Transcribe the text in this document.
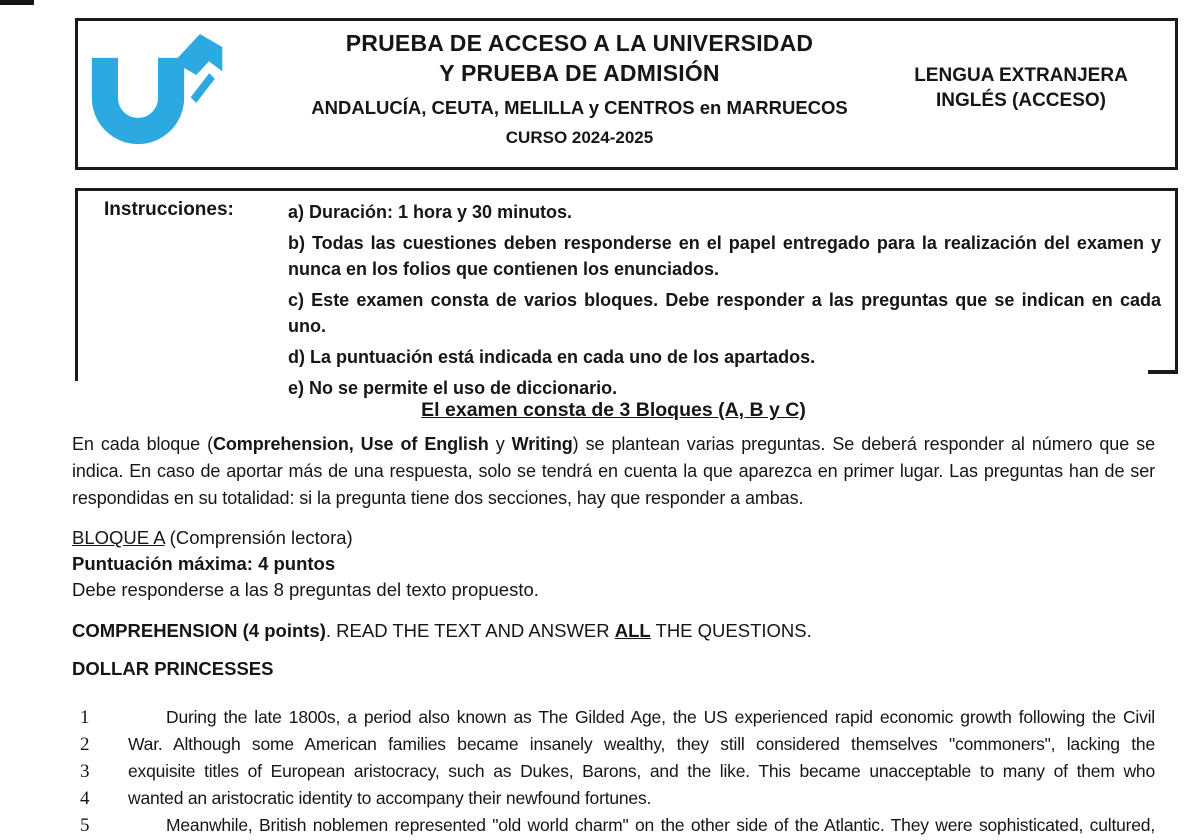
PRUEBA DE ACCESO A LA UNIVERSIDAD
Y PRUEBA DE ADMISIÓN
ANDALUCÍA, CEUTA, MELILLA y CENTROS en MARRUECOS
CURSO 2024-2025
LENGUA EXTRANJERA
INGLÉS (ACCESO)
Instrucciones:	a) Duración: 1 hora y 30 minutos.
b) Todas las cuestiones deben responderse en el papel entregado para la realización del examen y nunca en los folios que contienen los enunciados.
c) Este examen consta de varios bloques. Debe responder a las preguntas que se indican en cada uno.
d) La puntuación está indicada en cada uno de los apartados.
e) No se permite el uso de diccionario.
El examen consta de 3 Bloques (A, B y C)

En cada bloque (Comprehension, Use of English y Writing) se plantean varias preguntas. Se deberá responder al número que se indica. En caso de aportar más de una respuesta, solo se tendrá en cuenta la que aparezca en primer lugar. Las preguntas han de ser respondidas en su totalidad: si la pregunta tiene dos secciones, hay que responder a ambas.

BLOQUE A (Comprensión lectora)
Puntuación máxima: 4 puntos
Debe responderse a las 8 preguntas del texto propuesto.
COMPREHENSION (4 points). READ THE TEXT AND ANSWER ALL THE QUESTIONS.
DOLLAR PRINCESSES
1	During the late 1800s, a period also known as The Gilded Age, the US experienced rapid economic growth following the Civil
2	War. Although some American families became insanely wealthy, they still considered themselves "commoners", lacking the
3	exquisite titles of European aristocracy, such as Dukes, Barons, and the like. This became unacceptable to many of them who
4	wanted an aristocratic identity to accompany their newfound fortunes.
5	Meanwhile, British noblemen represented "old world charm" on the other side of the Atlantic. They were sophisticated, cultured,
